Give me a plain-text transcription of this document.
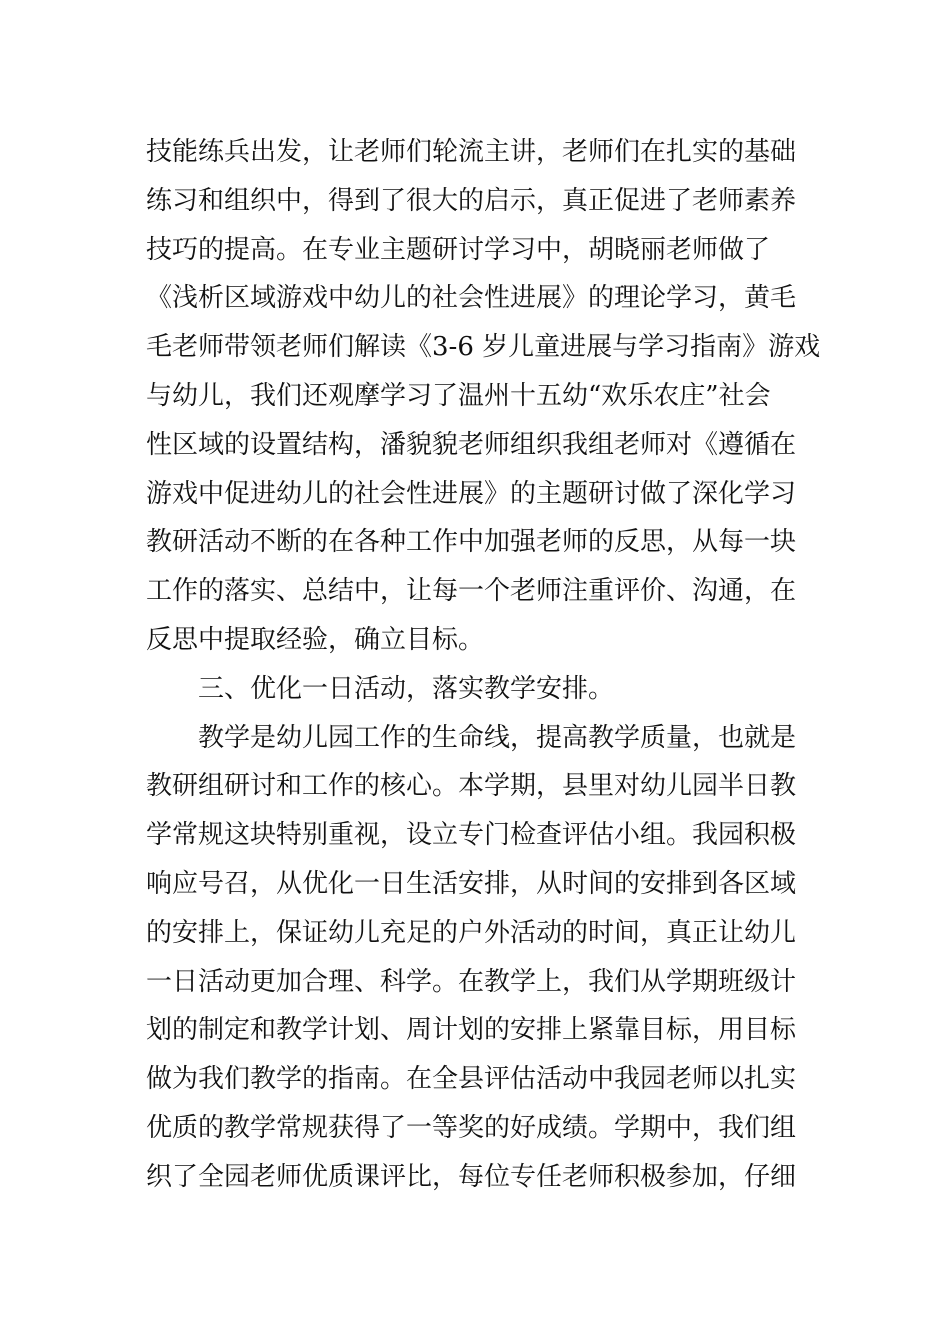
技能练兵出发，让老师们轮流主讲，老师们在扎实的基础
练习和组织中，得到了很大的启示，真正促进了老师素养
技巧的提高。在专业主题研讨学习中，胡晓丽老师做了
《浅析区域游戏中幼儿的社会性进展》的理论学习，黄毛
毛老师带领老师们解读《3-6 岁儿童进展与学习指南》游戏
与幼儿，我们还观摩学习了温州十五幼“欢乐农庄”社会
性区域的设置结构，潘貌貌老师组织我组老师对《遵循在
游戏中促进幼儿的社会性进展》的主题研讨做了深化学习
教研活动不断的在各种工作中加强老师的反思，从每一块
工作的落实、总结中，让每一个老师注重评价、沟通，在
反思中提取经验，确立目标。
三、优化一日活动，落实教学安排。
教学是幼儿园工作的生命线，提高教学质量，也就是
教研组研讨和工作的核心。本学期，县里对幼儿园半日教
学常规这块特别重视，设立专门检查评估小组。我园积极
响应号召，从优化一日生活安排，从时间的安排到各区域
的安排上，保证幼儿充足的户外活动的时间，真正让幼儿
一日活动更加合理、科学。在教学上，我们从学期班级计
划的制定和教学计划、周计划的安排上紧靠目标，用目标
做为我们教学的指南。在全县评估活动中我园老师以扎实
优质的教学常规获得了一等奖的好成绩。学期中，我们组
织了全园老师优质课评比，每位专任老师积极参加，仔细
